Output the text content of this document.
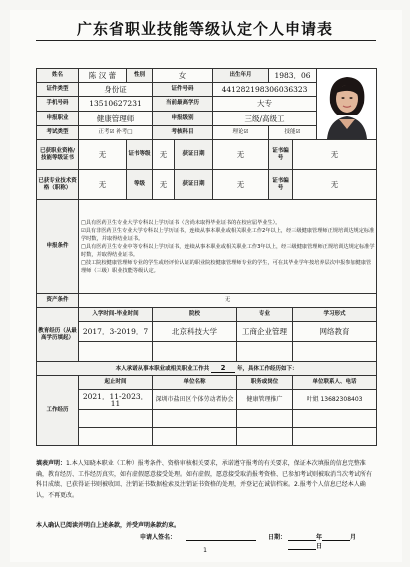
广东省职业技能等级认定个人申请表
姓名	陈 汉 蕾	性别	女		出生年月		1983．06	

证件类型	身份证		证件号码		441282198306036323				
手机号码	13510627231		当前最高学历		大专				
申报职业	健康管理师		申报级别		三级/高级工				
考试类型	正考☑ 补考□		考核科目		理论☑		技能☑		
已获职业资格/技能等级证书	无	证书等级	无	获证日期	无		证书编号	无	
已获专业技术资格（职称）	无	等级	无	获证日期	无		证书编号	无	
申报条件	□具有医药卫生专业大学专科以上学历证书（含尚未取得毕业证书的在校应届毕业生）。
☑具有非医药卫生专业大学专科以上学历证书，连续从事本职业或相关职业工作2年以上，经三级健康管理师正规培训达规定标准学时数，并取得结业证书。
□具有医药卫生专业中等专科以上学历证书，连续从事本职业或相关职业工作3年以上，经三级健康管理师正规培训达规定标准学时数，并取得结业证书。
□技工院校健康管理师专业的学生或经评价认证的职业院校健康管理师专业的学生，可在其毕业学年按培养层次申报参加健康管理师（三级）职业技能等级认定。								

资产条件	无								
教育经历（从最高学历填起）	入学时间-毕业时间		院校			专业		学习形式	
	2017．3-2019．7		北京科技大学			工商企业管理		网络教育	

本人承诺从事本职业或相关职业工作共 2 年，具体工作经历如下：									
工作经历	起止时间		单位名称			职务或岗位		单位联系人、电话	
	2021．11-2023．11		深圳市盐田区个体劳动者协会			健康管理推广		叶姐 13682308403	

填表声明：1.本人知晓本职业（工种）报考条件、资格审核相关要求，承诺遵守报考的有关要求，保证本次填报的信息完整准确，教育经历、工作经历真实，如有虚假愿意接受处理。如有虚假，愿意接受取消报考资格、已参加考试则被取消当次考试所有科目成绩、已获得证书则被收回、注销证书数据检索及注销证书资格的处理，并登记在诚信档案。2.报考个人信息已经本人确认，不再更改。
本人确认已阅读并明白上述条款，并受声明条款约束。
申请人签名：	日期：	年	月日
1
